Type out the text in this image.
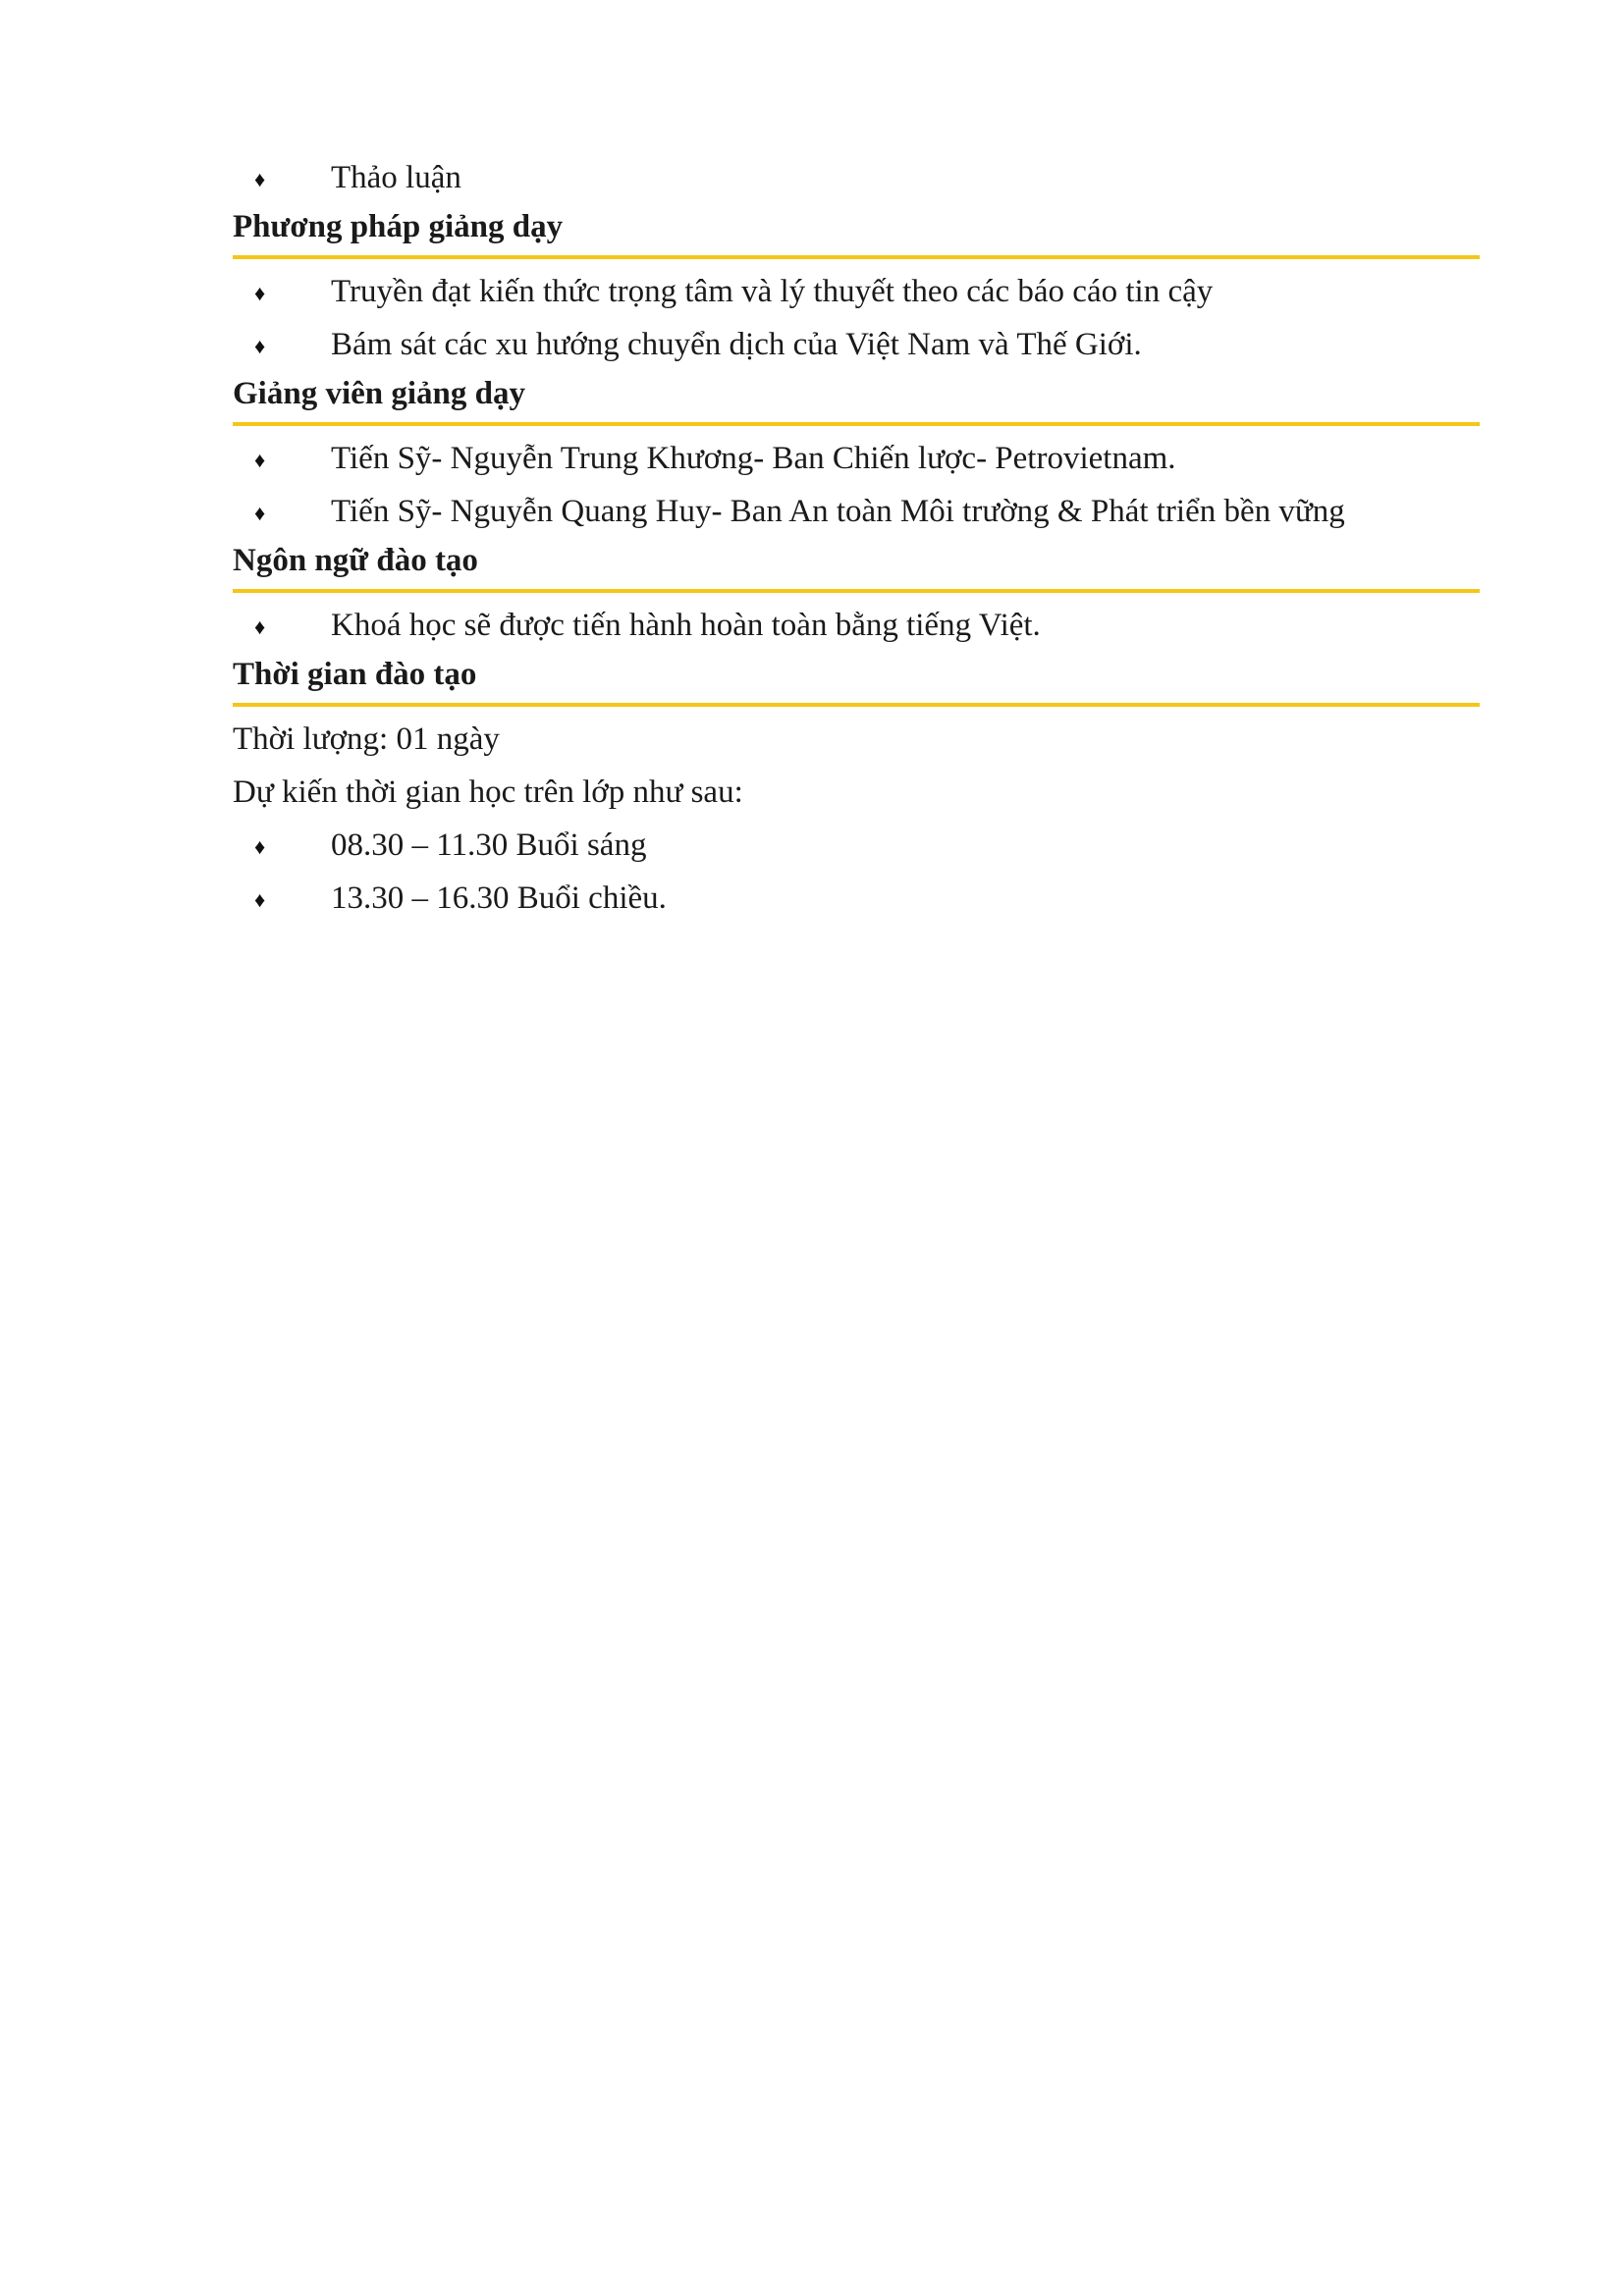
♦ Thảo luận
Phương pháp giảng dạy
♦ Truyền đạt kiến thức trọng tâm và lý thuyết theo các báo cáo tin cậy
♦ Bám sát các xu hướng chuyển dịch của Việt Nam và Thế Giới.
Giảng viên giảng dạy
♦ Tiến Sỹ- Nguyễn Trung Khương- Ban Chiến lược- Petrovietnam.
♦ Tiến Sỹ- Nguyễn Quang Huy- Ban An toàn Môi trường & Phát triển bền vững
Ngôn ngữ đào tạo
♦ Khoá học sẽ được tiến hành hoàn toàn bằng tiếng Việt.
Thời gian đào tạo

Thời lượng: 01 ngày

Dự kiến thời gian học trên lớp như sau:

♦ 08.30 – 11.30 Buổi sáng
♦ 13.30 – 16.30 Buổi chiều.
